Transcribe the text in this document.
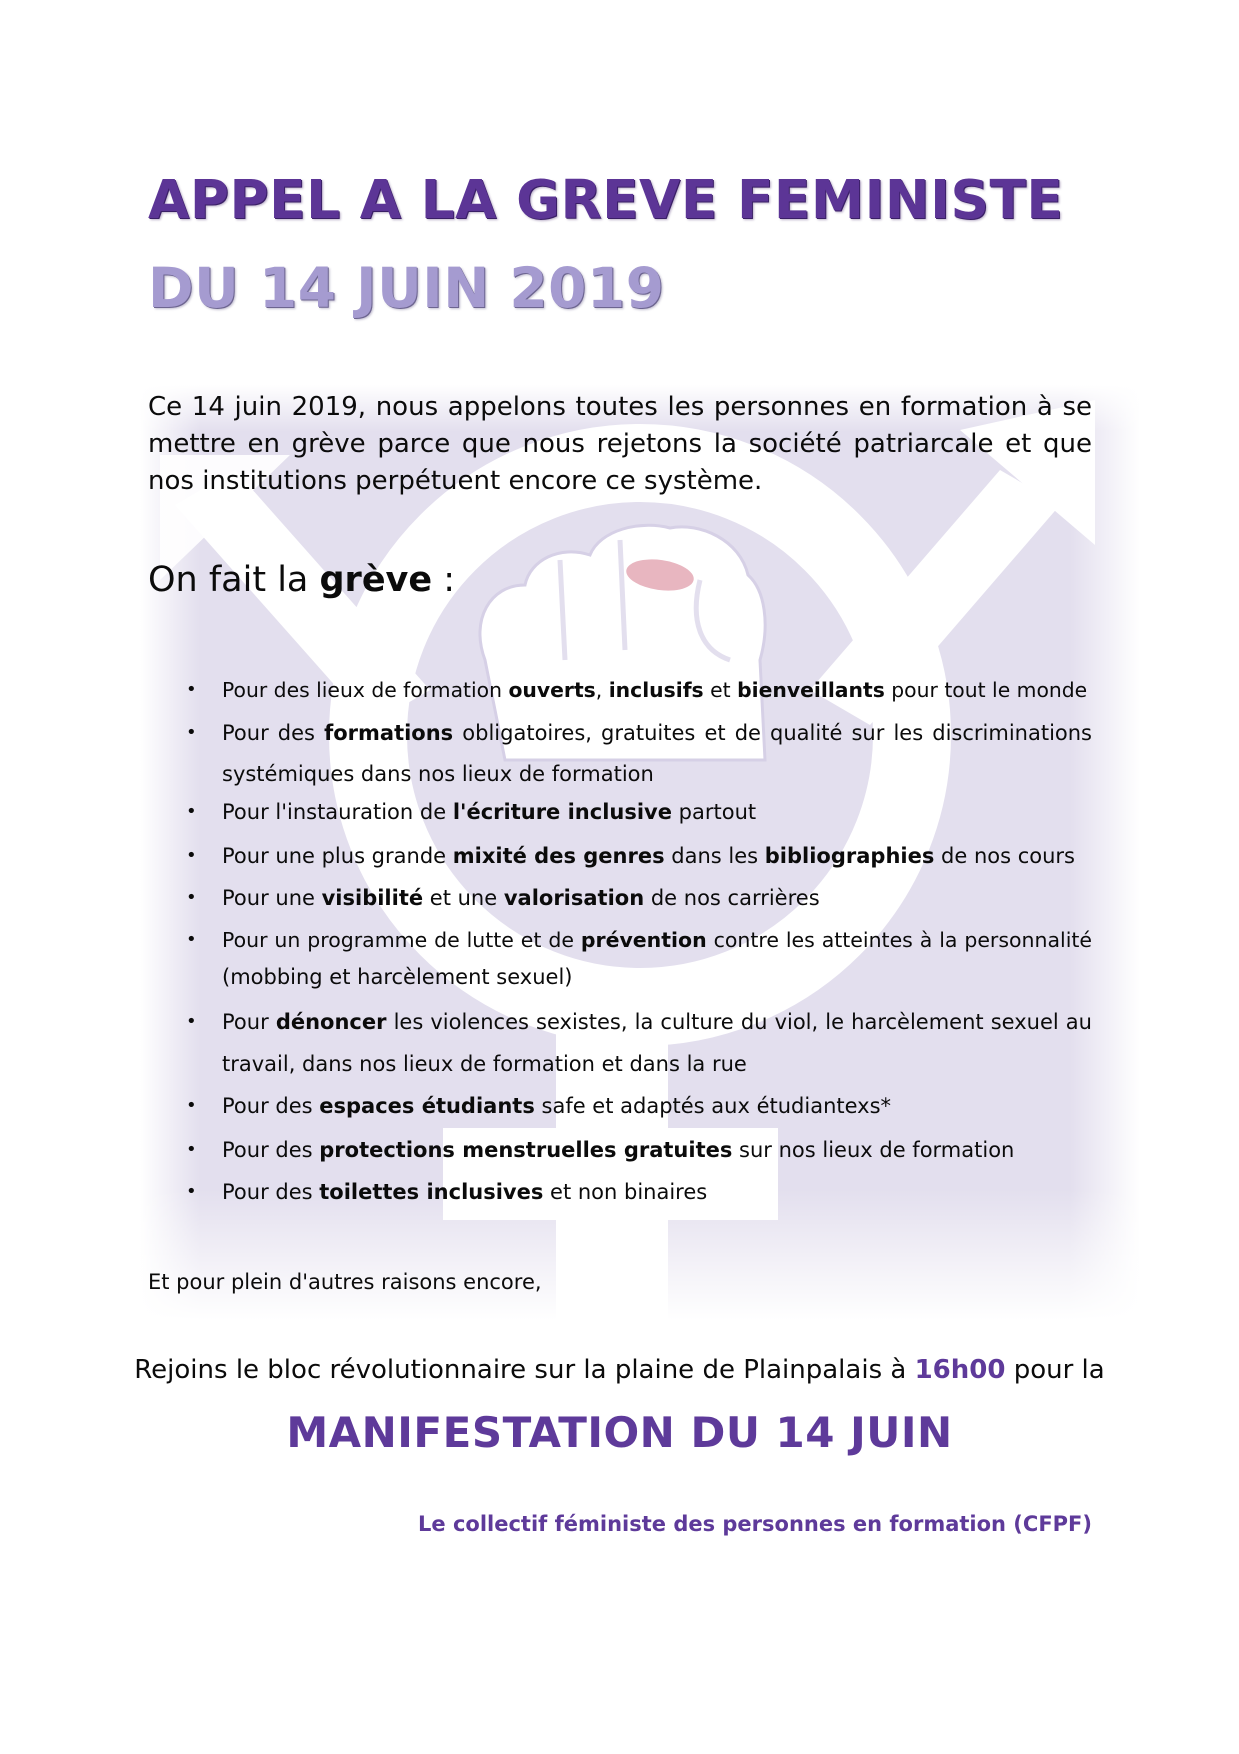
APPEL A LA GREVE FEMINISTE
DU 14 JUIN 2019
Ce 14 juin 2019, nous appelons toutes les personnes en formation à se
mettre en grève parce que nous rejetons la société patriarcale et que
nos institutions perpétuent encore ce système.
On fait la grève :
• Pour des lieux de formation ouverts, inclusifs et bienveillants pour tout le monde
• Pour des formations obligatoires, gratuites et de qualité sur les discriminations
systémiques dans nos lieux de formation
• Pour l'instauration de l'écriture inclusive partout
• Pour une plus grande mixité des genres dans les bibliographies de nos cours
• Pour une visibilité et une valorisation de nos carrières
• Pour un programme de lutte et de prévention contre les atteintes à la personnalité
(mobbing et harcèlement sexuel)
• Pour dénoncer les violences sexistes, la culture du viol, le harcèlement sexuel au
travail, dans nos lieux de formation et dans la rue
• Pour des espaces étudiants safe et adaptés aux étudiantexs*
• Pour des protections menstruelles gratuites sur nos lieux de formation
• Pour des toilettes inclusives et non binaires
Et pour plein d'autres raisons encore,
Rejoins le bloc révolutionnaire sur la plaine de Plainpalais à 16h00 pour la
MANIFESTATION DU 14 JUIN
Le collectif féministe des personnes en formation (CFPF)
